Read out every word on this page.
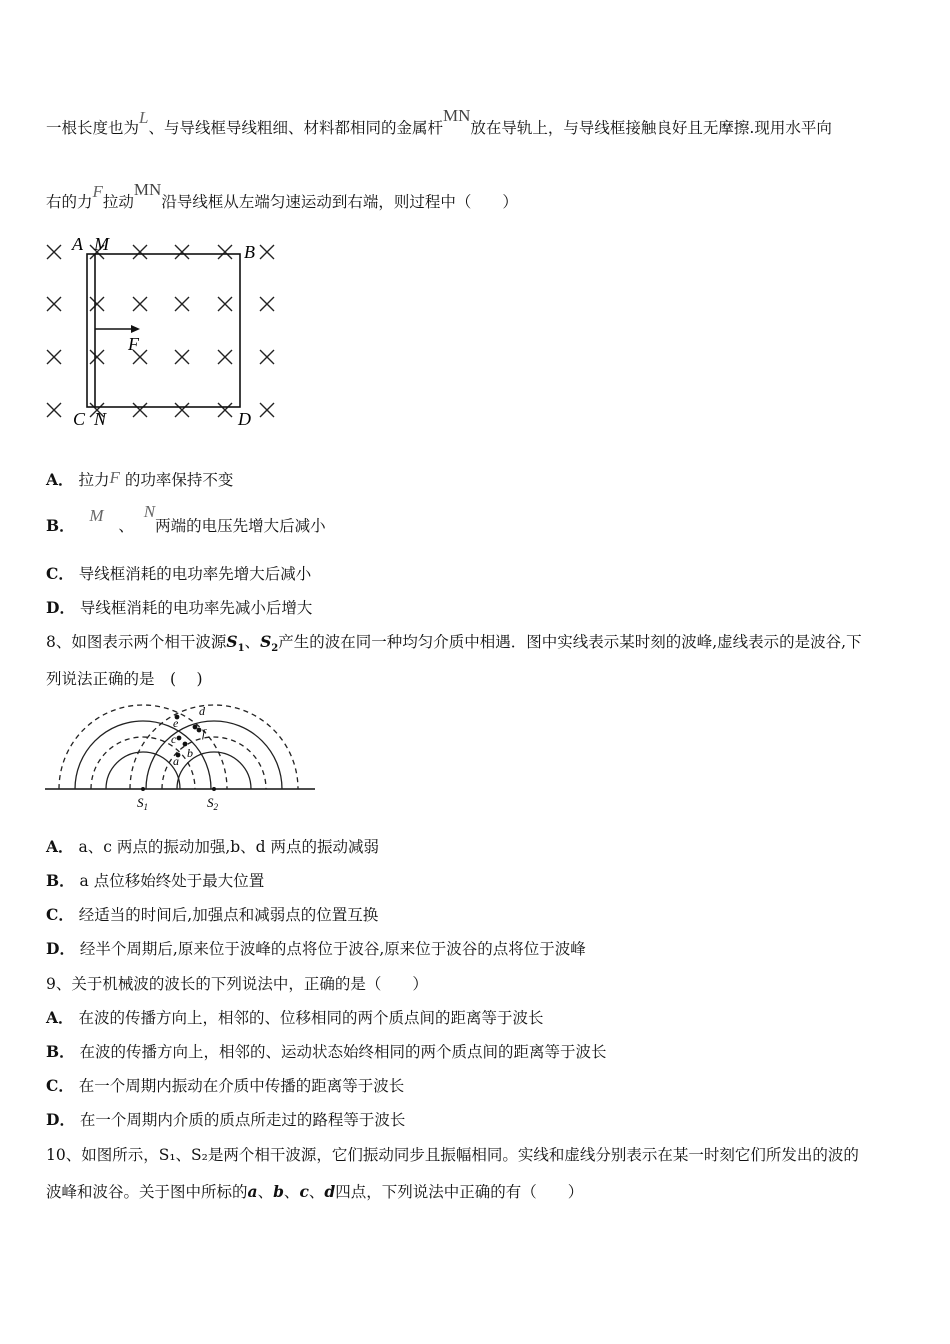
一根长度也为L、与导线框导线粗细、材料都相同的金属杆MN放在导轨上，与导线框接触良好且无摩擦.现用水平向
右的力F拉动MN沿导线框从左端匀速运动到右端，则过程中（　　）
A M	B
C N	D
F
A． 拉力F 的功率保持不变
B．   M   、  N两端的电压先增大后减小
C． 导线框消耗的电功率先增大后减小
D． 导线框消耗的电功率先减小后增大
8、如图表示两个相干波源$S_1$、$S_2$产生的波在同一种均匀介质中相遇．图中实线表示某时刻的波峰,虚线表示的是波谷,下
列说法正确的是　( 　)
a
b
c
d
e
f
$S_1$	$S_2$
A． a、c 两点的振动加强,b、d 两点的振动减弱
B． a 点位移始终处于最大位置
C． 经适当的时间后,加强点和减弱点的位置互换
D． 经半个周期后,原来位于波峰的点将位于波谷,原来位于波谷的点将位于波峰
9、关于机械波的波长的下列说法中，正确的是（　　）
A． 在波的传播方向上，相邻的、位移相同的两个质点间的距离等于波长
B． 在波的传播方向上，相邻的、运动状态始终相同的两个质点间的距离等于波长
C． 在一个周期内振动在介质中传播的距离等于波长
D． 在一个周期内介质的质点所走过的路程等于波长
10、如图所示，S₁、S₂是两个相干波源，它们振动同步且振幅相同。实线和虚线分别表示在某一时刻它们所发出的波的
波峰和波谷。关于图中所标的a、b、c、d四点，下列说法中正确的有（　　）
